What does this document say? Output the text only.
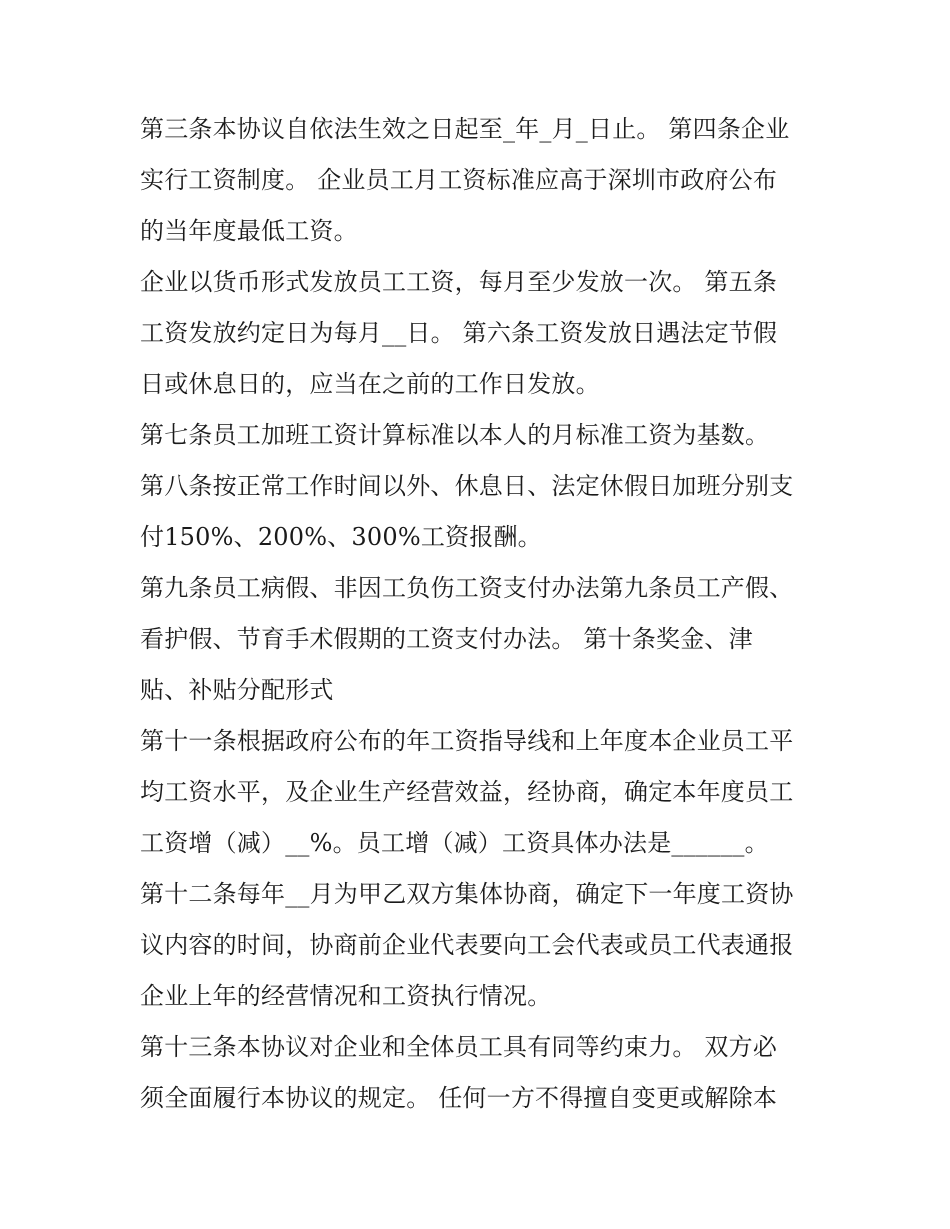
第三条本协议自依法生效之日起至_年_月_日止。 第四条企业
实行工资制度。 企业员工月工资标准应高于深圳市政府公布
的当年度最低工资。
企业以货币形式发放员工工资，每月至少发放一次。 第五条
工资发放约定日为每月__日。 第六条工资发放日遇法定节假
日或休息日的，应当在之前的工作日发放。
第七条员工加班工资计算标准以本人的月标准工资为基数。
第八条按正常工作时间以外、休息日、法定休假日加班分别支
付150%、200%、300%工资报酬。
第九条员工病假、非因工负伤工资支付办法第九条员工产假、
看护假、节育手术假期的工资支付办法。 第十条奖金、津
贴、补贴分配形式
第十一条根据政府公布的年工资指导线和上年度本企业员工平
均工资水平，及企业生产经营效益，经协商，确定本年度员工
工资增（减）__%。员工增（减）工资具体办法是______。
第十二条每年__月为甲乙双方集体协商，确定下一年度工资协
议内容的时间，协商前企业代表要向工会代表或员工代表通报
企业上年的经营情况和工资执行情况。
第十三条本协议对企业和全体员工具有同等约束力。 双方必
须全面履行本协议的规定。 任何一方不得擅自变更或解除本
